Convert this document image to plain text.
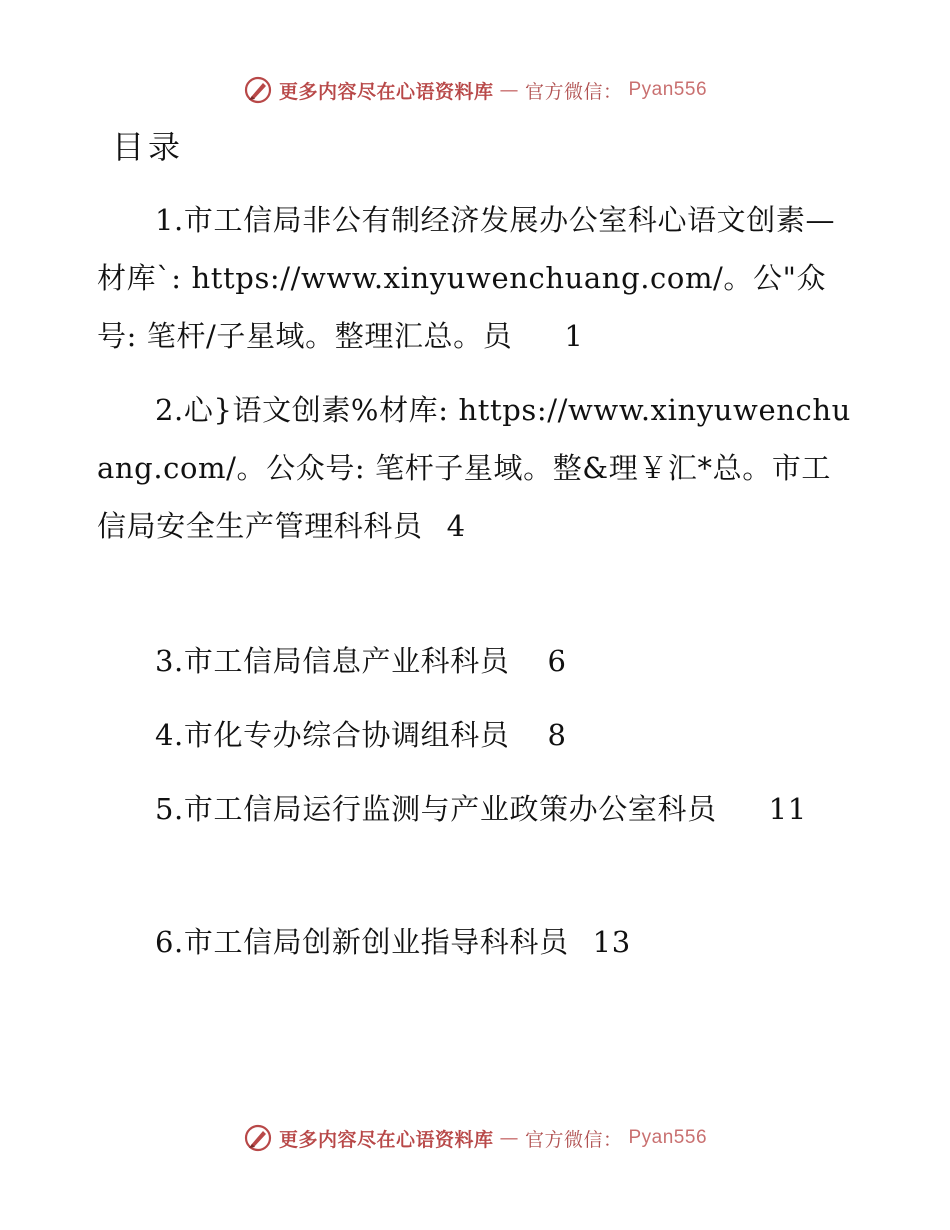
更多内容尽在心语资料库 — 官方微信： Pyan556
目录
1.市工信局非公有制经济发展办公室科心语文创素—材库`: https://www.xinyuwenchuang.com/。公"众号: 笔杆/子星域。整理汇总。员 1
2.心}语文创素%材库: https://www.xinyuwenchuang.com/。公众号: 笔杆子星域。整&理￥汇*总。市工信局安全生产管理科科员 4
3.市工信局信息产业科科员 6
4.市化专办综合协调组科员 8
5.市工信局运行监测与产业政策办公室科员 11
6.市工信局创新创业指导科科员 13
更多内容尽在心语资料库 — 官方微信： Pyan556
